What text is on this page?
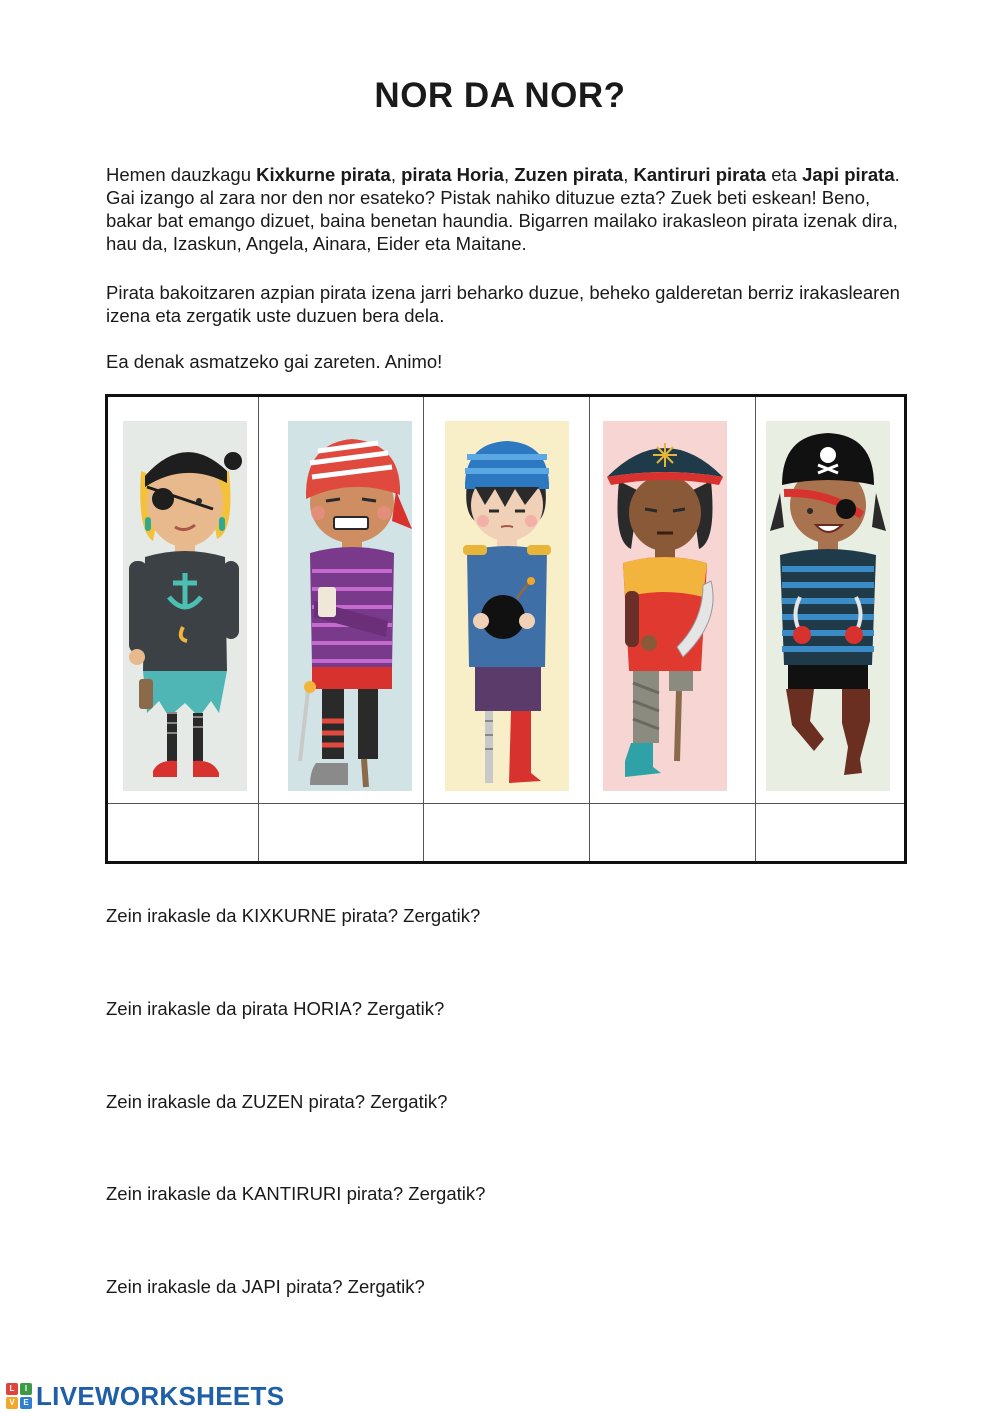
NOR DA NOR?

Hemen dauzkagu Kixkurne pirata, pirata Horia, Zuzen pirata, Kantiruri pirata eta Japi pirata. Gai izango al zara nor den nor esateko? Pistak nahiko dituzue ezta? Zuek beti eskean! Beno, bakar bat emango dizuet, baina benetan haundia. Bigarren mailako irakasleon pirata izenak dira, hau da, Izaskun, Angela, Ainara, Eider eta Maitane.

Pirata bakoitzaren azpian pirata izena jarri beharko duzue, beheko galderetan berriz irakaslearen izena eta zergatik uste duzuen bera dela.

Ea denak asmatzeko gai zareten. Animo!

Zein irakasle da KIXKURNE pirata? Zergatik?

Zein irakasle da pirata HORIA? Zergatik?

Zein irakasle da ZUZEN pirata? Zergatik?

Zein irakasle da KANTIRURI pirata? Zergatik?

Zein irakasle da JAPI pirata? Zergatik?

L	I
V	E LIVEWORKSHEETS
